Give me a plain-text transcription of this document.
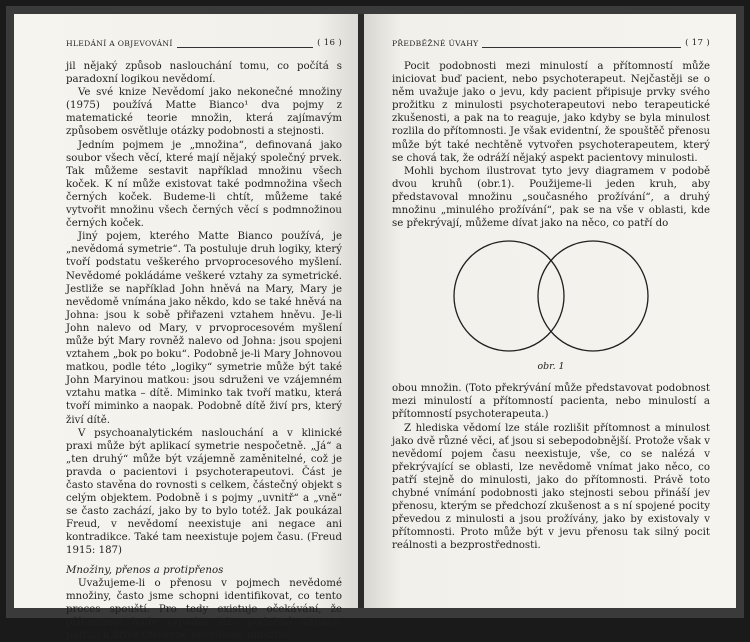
HLEDÁNÍ A OBJEVOVÁNÍ	( 16 )

jil nějaký způsob naslouchání tomu, co počítá s paradoxní logikou nevědomí.

Ve své knize Nevědomí jako nekonečné množiny (1975) používá Matte Bianco¹ dva pojmy z matematické teorie množin, která zajímavým způsobem osvětluje otázky podobnosti a stejnosti.

Jedním pojmem je „množina“, definovaná jako soubor všech věcí, které mají nějaký společný prvek. Tak můžeme sestavit například množinu všech koček. K ní může existovat také podmnožina všech černých koček. Budeme-li chtít, můžeme také vytvořit množinu všech černých věcí s podmnožinou černých koček.

Jiný pojem, kterého Matte Bianco používá, je „nevědomá symetrie“. Ta postuluje druh logiky, který tvoří podstatu veškerého prvoprocesového myšlení. Nevědomé pokládáme veškeré vztahy za symetrické. Jestliže se například John hněvá na Mary, Mary je nevědomě vnímána jako někdo, kdo se také hněvá na Johna: jsou k sobě přiřazeni vztahem hněvu. Je-li John nalevo od Mary, v prvoprocesovém myšlení může být Mary rovněž nalevo od Johna: jsou spojeni vztahem „bok po boku“. Podobně je-li Mary Johnovou matkou, podle této „logiky“ symetrie může být také John Maryinou matkou: jsou sdruženi ve vzájemném vztahu matka – dítě. Miminko tak tvoří matku, která tvoří miminko a naopak. Podobně dítě živí prs, který živí dítě.

V psychoanalytickém naslouchání a v klinické praxi může být aplikací symetrie nespočetně. „Já“ a „ten druhý“ může být vzájemně zaměnitelné, což je pravda o pacientovi i psychoterapeutovi. Část je často stavěna do rovnosti s celkem, částečný objekt s celým objektem. Podobně i s pojmy „uvnitř“ a „vně“ se často zachází, jako by to bylo totéž. Jak poukázal Freud, v nevědomí neexistuje ani negace ani kontradikce. Také tam neexistuje pojem času. (Freud 1915: 187)

Množiny, přenos a protipřenos

Uvažujeme-li o přenosu v pojmech nevědomé množiny, často jsme schopni identifikovat, co tento proces spouští. Pro tedy existuje očekávání, že přítomnost bude vypadat jako podobná situace, patřící k dříve utvořené nevědomé množině.

PŘEDBĚŽNÉ ÚVAHY	( 17 )

Pocit podobnosti mezi minulostí a přítomností může iniciovat buď pacient, nebo psychoterapeut. Nejčastěji se o něm uvažuje jako o jevu, kdy pacient připisuje prvky svého prožitku z minulosti psychoterapeutovi nebo terapeutické zkušenosti, a pak na to reaguje, jako kdyby se byla minulost rozlila do přítomnosti. Je však evidentní, že spouštěč přenosu může být také nechtěně vytvořen psychoterapeutem, který se chová tak, že odráží nějaký aspekt pacientovy minulosti.

Mohli bychom ilustrovat tyto jevy diagramem v podobě dvou kruhů (obr.1). Použijeme-li jeden kruh, aby představoval množinu „současného prožívání“, a druhý množinu „minulého prožívání“, pak se na vše v oblasti, kde se překrývají, můžeme dívat jako na něco, co patří do

obr. 1

obou množin. (Toto překrývání může představovat podobnost mezi minulostí a přítomností pacienta, nebo minulostí a přítomností psychoterapeuta.)

Z hlediska vědomí lze stále rozlišit přítomnost a minulost jako dvě různé věci, ať jsou si sebepodobnější. Protože však v nevědomí pojem času neexistuje, vše, co se nalézá v překrývající se oblasti, lze nevědomě vnímat jako něco, co patří stejně do minulosti, jako do přítomnosti. Právě toto chybné vnímání podobnosti jako stejnosti sebou přináší jev přenosu, kterým se předchozí zkušenost a s ní spojené pocity převedou z minulosti a jsou prožívány, jako by existovaly v přítomnosti. Proto může být v jevu přenosu tak silný pocit reálnosti a bezprostřednosti.
